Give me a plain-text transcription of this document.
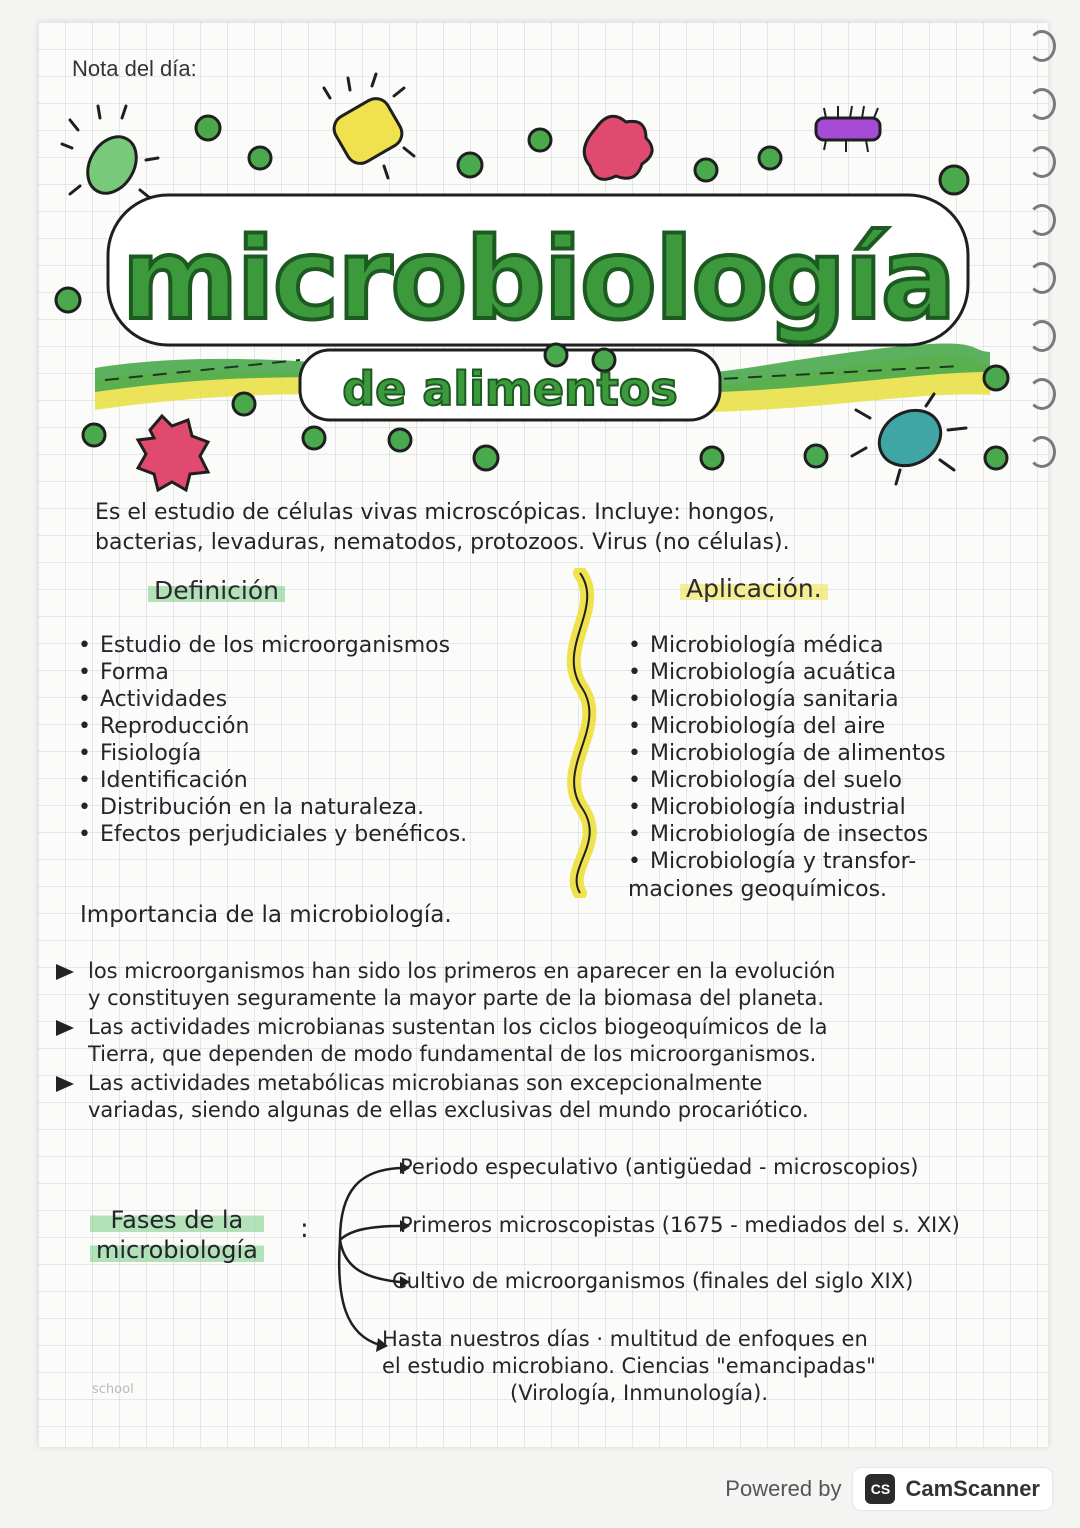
Nota del día:
microbiología
de alimentos
Es el estudio de células vivas microscópicas. Incluye: hongos,
bacterias, levaduras, nematodos, protozoos. Virus (no células).
Definición	Aplicación.
• Estudio de los microorganismos
• Forma
• Actividades
• Reproducción
• Fisiología
• Identificación
• Distribución en la naturaleza.
• Efectos perjudiciales y benéficos.
• Microbiología médica
• Microbiología acuática
• Microbiología sanitaria
• Microbiología del aire
• Microbiología de alimentos
• Microbiología del suelo
• Microbiología industrial
• Microbiología de insectos
• Microbiología y transfor-
maciones geoquímicos.
Importancia de la microbiología.
los microorganismos han sido los primeros en aparecer en la evolución
y constituyen seguramente la mayor parte de la biomasa del planeta.
Las actividades microbianas sustentan los ciclos biogeoquímicos de la
Tierra, que dependen de modo fundamental de los microorganismos.
Las actividades metabólicas microbianas son excepcionalmente
variadas, siendo algunas de ellas exclusivas del mundo procariótico.
Fases de la
microbiología
:
Periodo especulativo (antigüedad - microscopios)
Primeros microscopistas (1675 - mediados del s. XIX)
Cultivo de microorganismos (finales del siglo XIX)
Hasta nuestros días · multitud de enfoques en
el estudio microbiano. Ciencias "emancipadas"
(Virología, Inmunología).
school
Powered by	CS CamScanner
